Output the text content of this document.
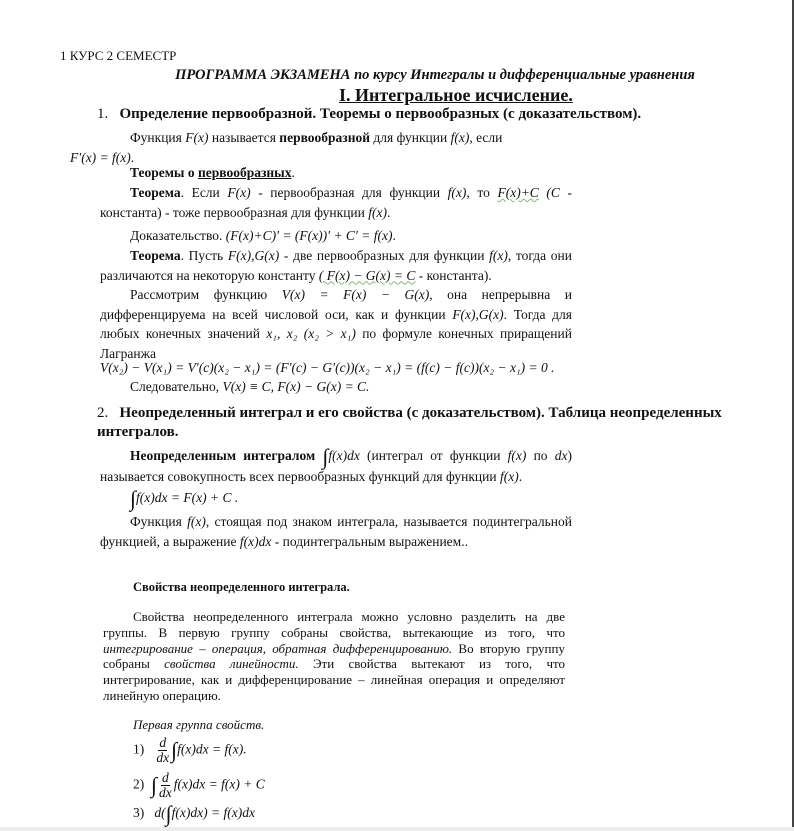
1 КУРС 2 СЕМЕСТР
ПРОГРАММА ЭКЗАМЕНА по курсу Интегралы и дифференциальные уравнения
I. Интегральное исчисление.
1. Определение первообразной. Теоремы о первообразных (с доказательством).
Функция F(x) называется первообразной для функции f(x), если
F′(x) = f(x).
Теоремы о первообразных.
Теорема. Если F(x) - первообразная для функции f(x), то F(x)+C (C - константа) - тоже первообразная для функции f(x).
Доказательство. (F(x)+C)′ = (F(x))′ + C′ = f(x).
Теорема. Пусть F(x),G(x) - две первообразных для функции f(x), тогда они различаются на некоторую константу ( F(x) − G(x) = C - константа).
Рассмотрим функцию V(x) = F(x) − G(x), она непрерывна и дифференцируема на всей числовой оси, как и функции F(x),G(x). Тогда для любых конечных значений x₁, x₂ (x₂ > x₁) по формуле конечных приращений Лагранжа
V(x₂) − V(x₁) = V′(c)(x₂ − x₁) = (F′(c) − G′(c))(x₂ − x₁) = (f(c) − f(c))(x₂ − x₁) = 0 .
Следовательно, V(x) ≡ C, F(x) − G(x) = C.
2. Неопределенный интеграл и его свойства (с доказательством). Таблица неопределенных интегралов.
Неопределенным интегралом ∫f(x)dx (интеграл от функции f(x) по dx) называется совокупность всех первообразных функций для функции f(x).
∫f(x)dx = F(x) + C .
Функция f(x), стоящая под знаком интеграла, называется подинтегральной функцией, а выражение f(x)dx - подинтегральным выражением..
Свойства неопределенного интеграла.
Свойства неопределенного интеграла можно условно разделить на две группы. В первую группу собраны свойства, вытекающие из того, что интегрирование – операция, обратная дифференцированию. Во вторую группу собраны свойства линейности. Эти свойства вытекают из того, что интегрирование, как и дифференцирование – линейная операция и определяют линейную операцию.
Первая группа свойств.
$1) \frac{d}{dx} \int f(x)dx = f(x)$.
2) ∫ $\frac{d}{dx} f(x)dx = f(x) + C$
3) d(∫f(x)dx) = f(x)dx
